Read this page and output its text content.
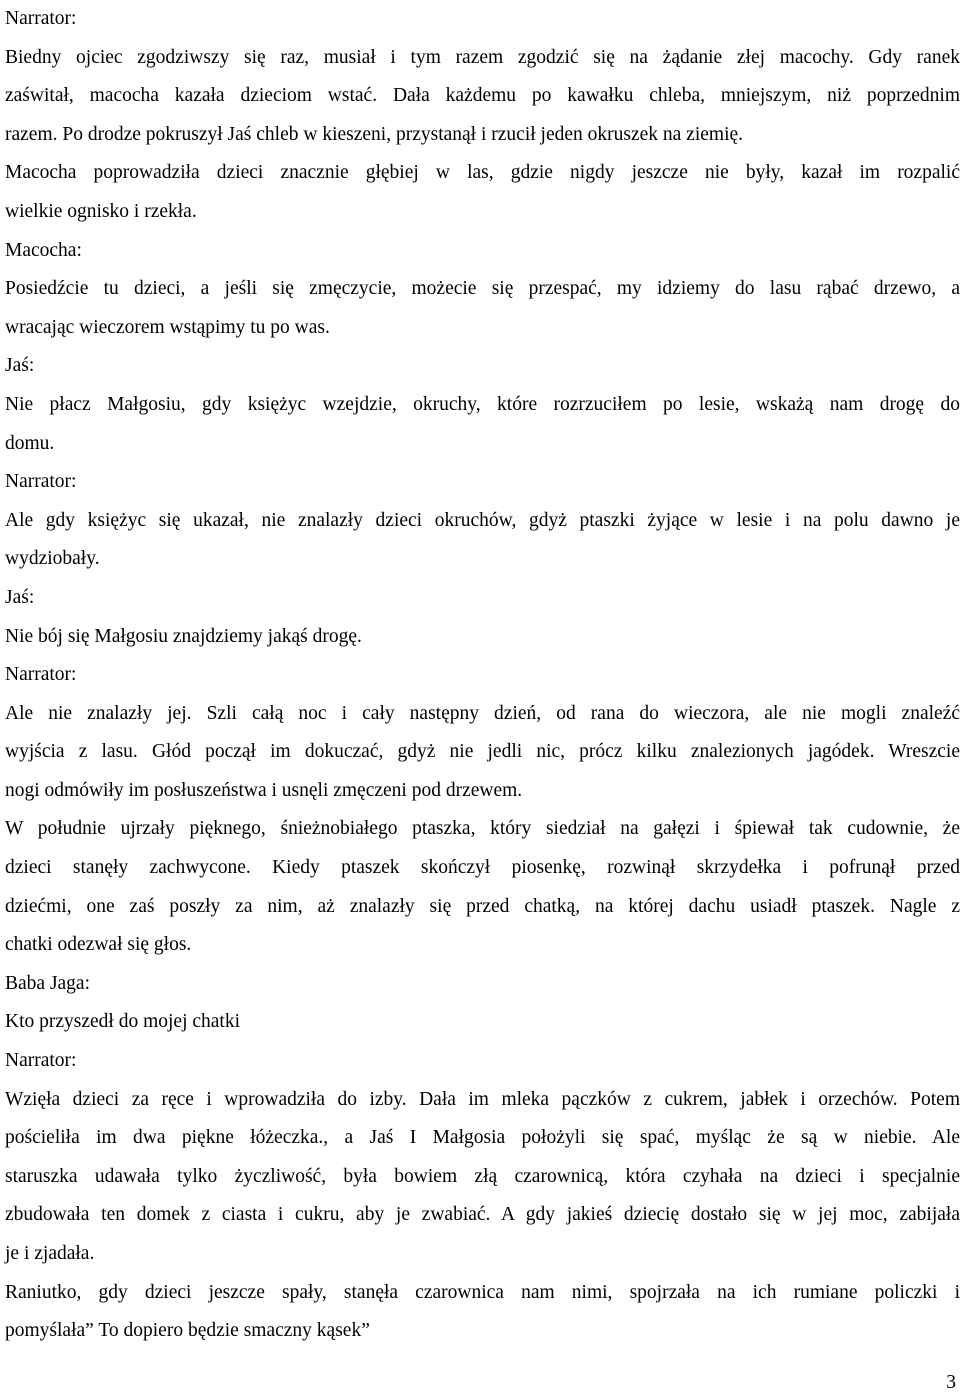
Narrator:

Biedny ojciec zgodziwszy się raz, musiał i tym razem zgodzić się na żądanie złej macochy. Gdy ranek

zaświtał, macocha kazała dzieciom wstać. Dała każdemu po kawałku chleba, mniejszym, niż poprzednim

razem. Po drodze pokruszył Jaś chleb w kieszeni, przystanął i rzucił jeden okruszek na ziemię.

Macocha poprowadziła dzieci znacznie głębiej w las, gdzie nigdy jeszcze nie były, kazał im rozpalić

wielkie ognisko i rzekła.

Macocha:

Posiedźcie tu dzieci, a jeśli się zmęczycie, możecie się przespać, my idziemy do lasu rąbać drzewo, a

wracając wieczorem wstąpimy tu po was.

Jaś:

Nie płacz Małgosiu, gdy księżyc wzejdzie, okruchy, które rozrzuciłem po lesie, wskażą nam drogę do

domu.

Narrator:

Ale gdy księżyc się ukazał, nie znalazły dzieci okruchów, gdyż ptaszki żyjące w lesie i na polu dawno je

wydziobały.

Jaś:

Nie bój się Małgosiu znajdziemy jakąś drogę.

Narrator:

Ale nie znalazły jej. Szli całą noc i cały następny dzień, od rana do wieczora, ale nie mogli znaleźć

wyjścia z lasu. Głód począł im dokuczać, gdyż nie jedli nic, prócz kilku znalezionych jagódek. Wreszcie

nogi odmówiły im posłuszeństwa i usnęli zmęczeni pod drzewem.

W południe ujrzały pięknego, śnieżnobiałego ptaszka, który siedział na gałęzi i śpiewał tak cudownie, że

dzieci stanęły zachwycone. Kiedy ptaszek skończył piosenkę, rozwinął skrzydełka i pofrunął przed

dziećmi, one zaś poszły za nim, aż znalazły się przed chatką, na której dachu usiadł ptaszek. Nagle z

chatki odezwał się głos.

Baba Jaga:

Kto przyszedł do mojej chatki

Narrator:

Wzięła dzieci za ręce i wprowadziła do izby. Dała im mleka pączków z cukrem, jabłek i orzechów. Potem

pościeliła im dwa piękne łóżeczka., a Jaś I Małgosia położyli się spać, myśląc że są w niebie. Ale

staruszka udawała tylko życzliwość, była bowiem złą czarownicą, która czyhała na dzieci i specjalnie

zbudowała ten domek z ciasta i cukru, aby je zwabiać. A gdy jakieś dziecię dostało się w jej moc, zabijała

je i zjadała.

Raniutko, gdy dzieci jeszcze spały, stanęła czarownica nam nimi, spojrzała na ich rumiane policzki i

pomyślała” To dopiero będzie smaczny kąsek”

3
